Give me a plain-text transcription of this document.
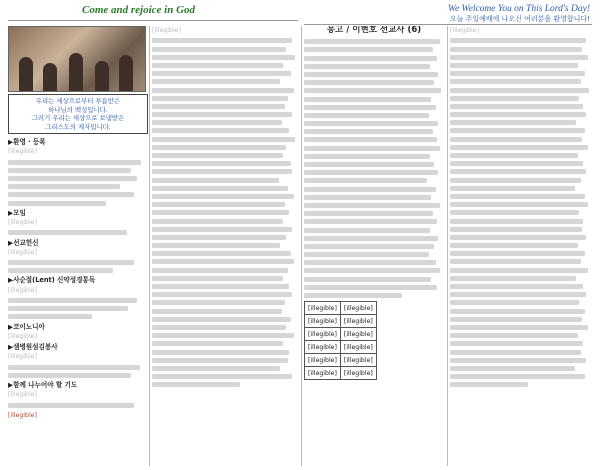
Come and rejoice in God	We Welcome You on This Lord's Day!
오늘 주일예배에 나오신 여러분을 환영합니다!
우리는 세상으로부터 부름받은
하나님의 백성입니다.
그러기 우리는 세상으로 보냄받은
그리스도의 제자입니다.
▶환영 · 등록
[illegible]
▶모임
[illegible]
▶선교헌신
[illegible]
▶사순절(Lent) 신약성경통독
[illegible]
▶코이노니아
[illegible]
▶샘병원섬김봉사
[illegible]
▶함께 나누어야 할 기도
[illegible]
[illegible]
[illegible]	몽고 / 이현호 선교사 (6)
[illegible]	[illegible]
[illegible]	[illegible]
[illegible]	[illegible]
[illegible]	[illegible]
[illegible]	[illegible]
[illegible]	[illegible]
[illegible]
